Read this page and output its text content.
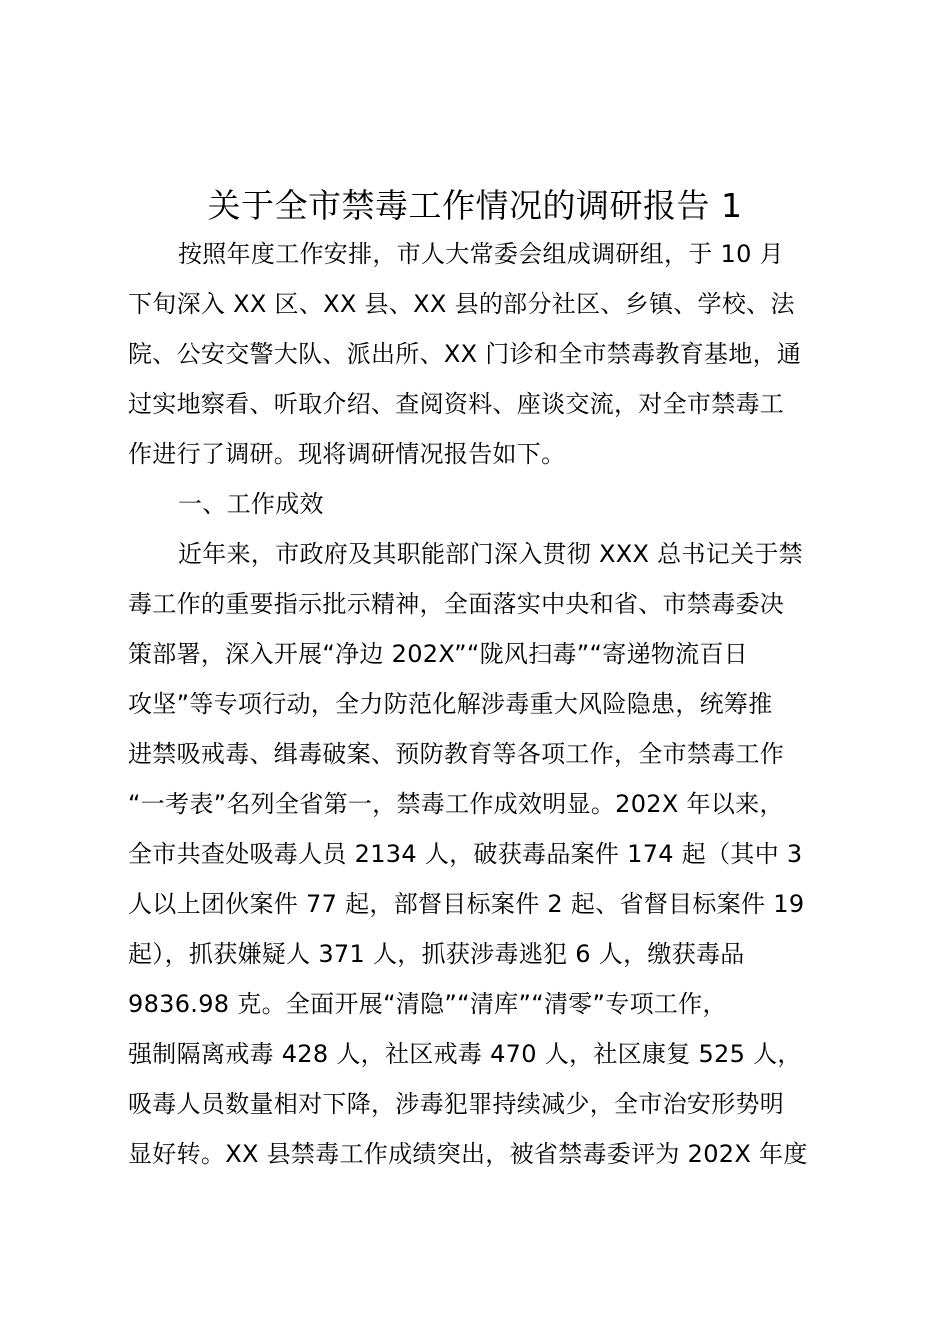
关于全市禁毒工作情况的调研报告 1
按照年度工作安排，市人大常委会组成调研组，于 10 月
下旬深入 XX 区、XX 县、XX 县的部分社区、乡镇、学校、法
院、公安交警大队、派出所、XX 门诊和全市禁毒教育基地，通
过实地察看、听取介绍、查阅资料、座谈交流，对全市禁毒工
作进行了调研。现将调研情况报告如下。
一、工作成效
近年来，市政府及其职能部门深入贯彻 XXX 总书记关于禁
毒工作的重要指示批示精神，全面落实中央和省、市禁毒委决
策部署，深入开展“净边 202X”“陇风扫毒”“寄递物流百日
攻坚”等专项行动，全力防范化解涉毒重大风险隐患，统筹推
进禁吸戒毒、缉毒破案、预防教育等各项工作，全市禁毒工作
“一考表”名列全省第一，禁毒工作成效明显。202X 年以来，
全市共查处吸毒人员 2134 人，破获毒品案件 174 起（其中 3
人以上团伙案件 77 起，部督目标案件 2 起、省督目标案件 19
起），抓获嫌疑人 371 人，抓获涉毒逃犯 6 人，缴获毒品
9836.98 克。全面开展“清隐”“清库”“清零”专项工作，
强制隔离戒毒 428 人，社区戒毒 470 人，社区康复 525 人，
吸毒人员数量相对下降，涉毒犯罪持续减少，全市治安形势明
显好转。XX 县禁毒工作成绩突出，被省禁毒委评为 202X 年度
